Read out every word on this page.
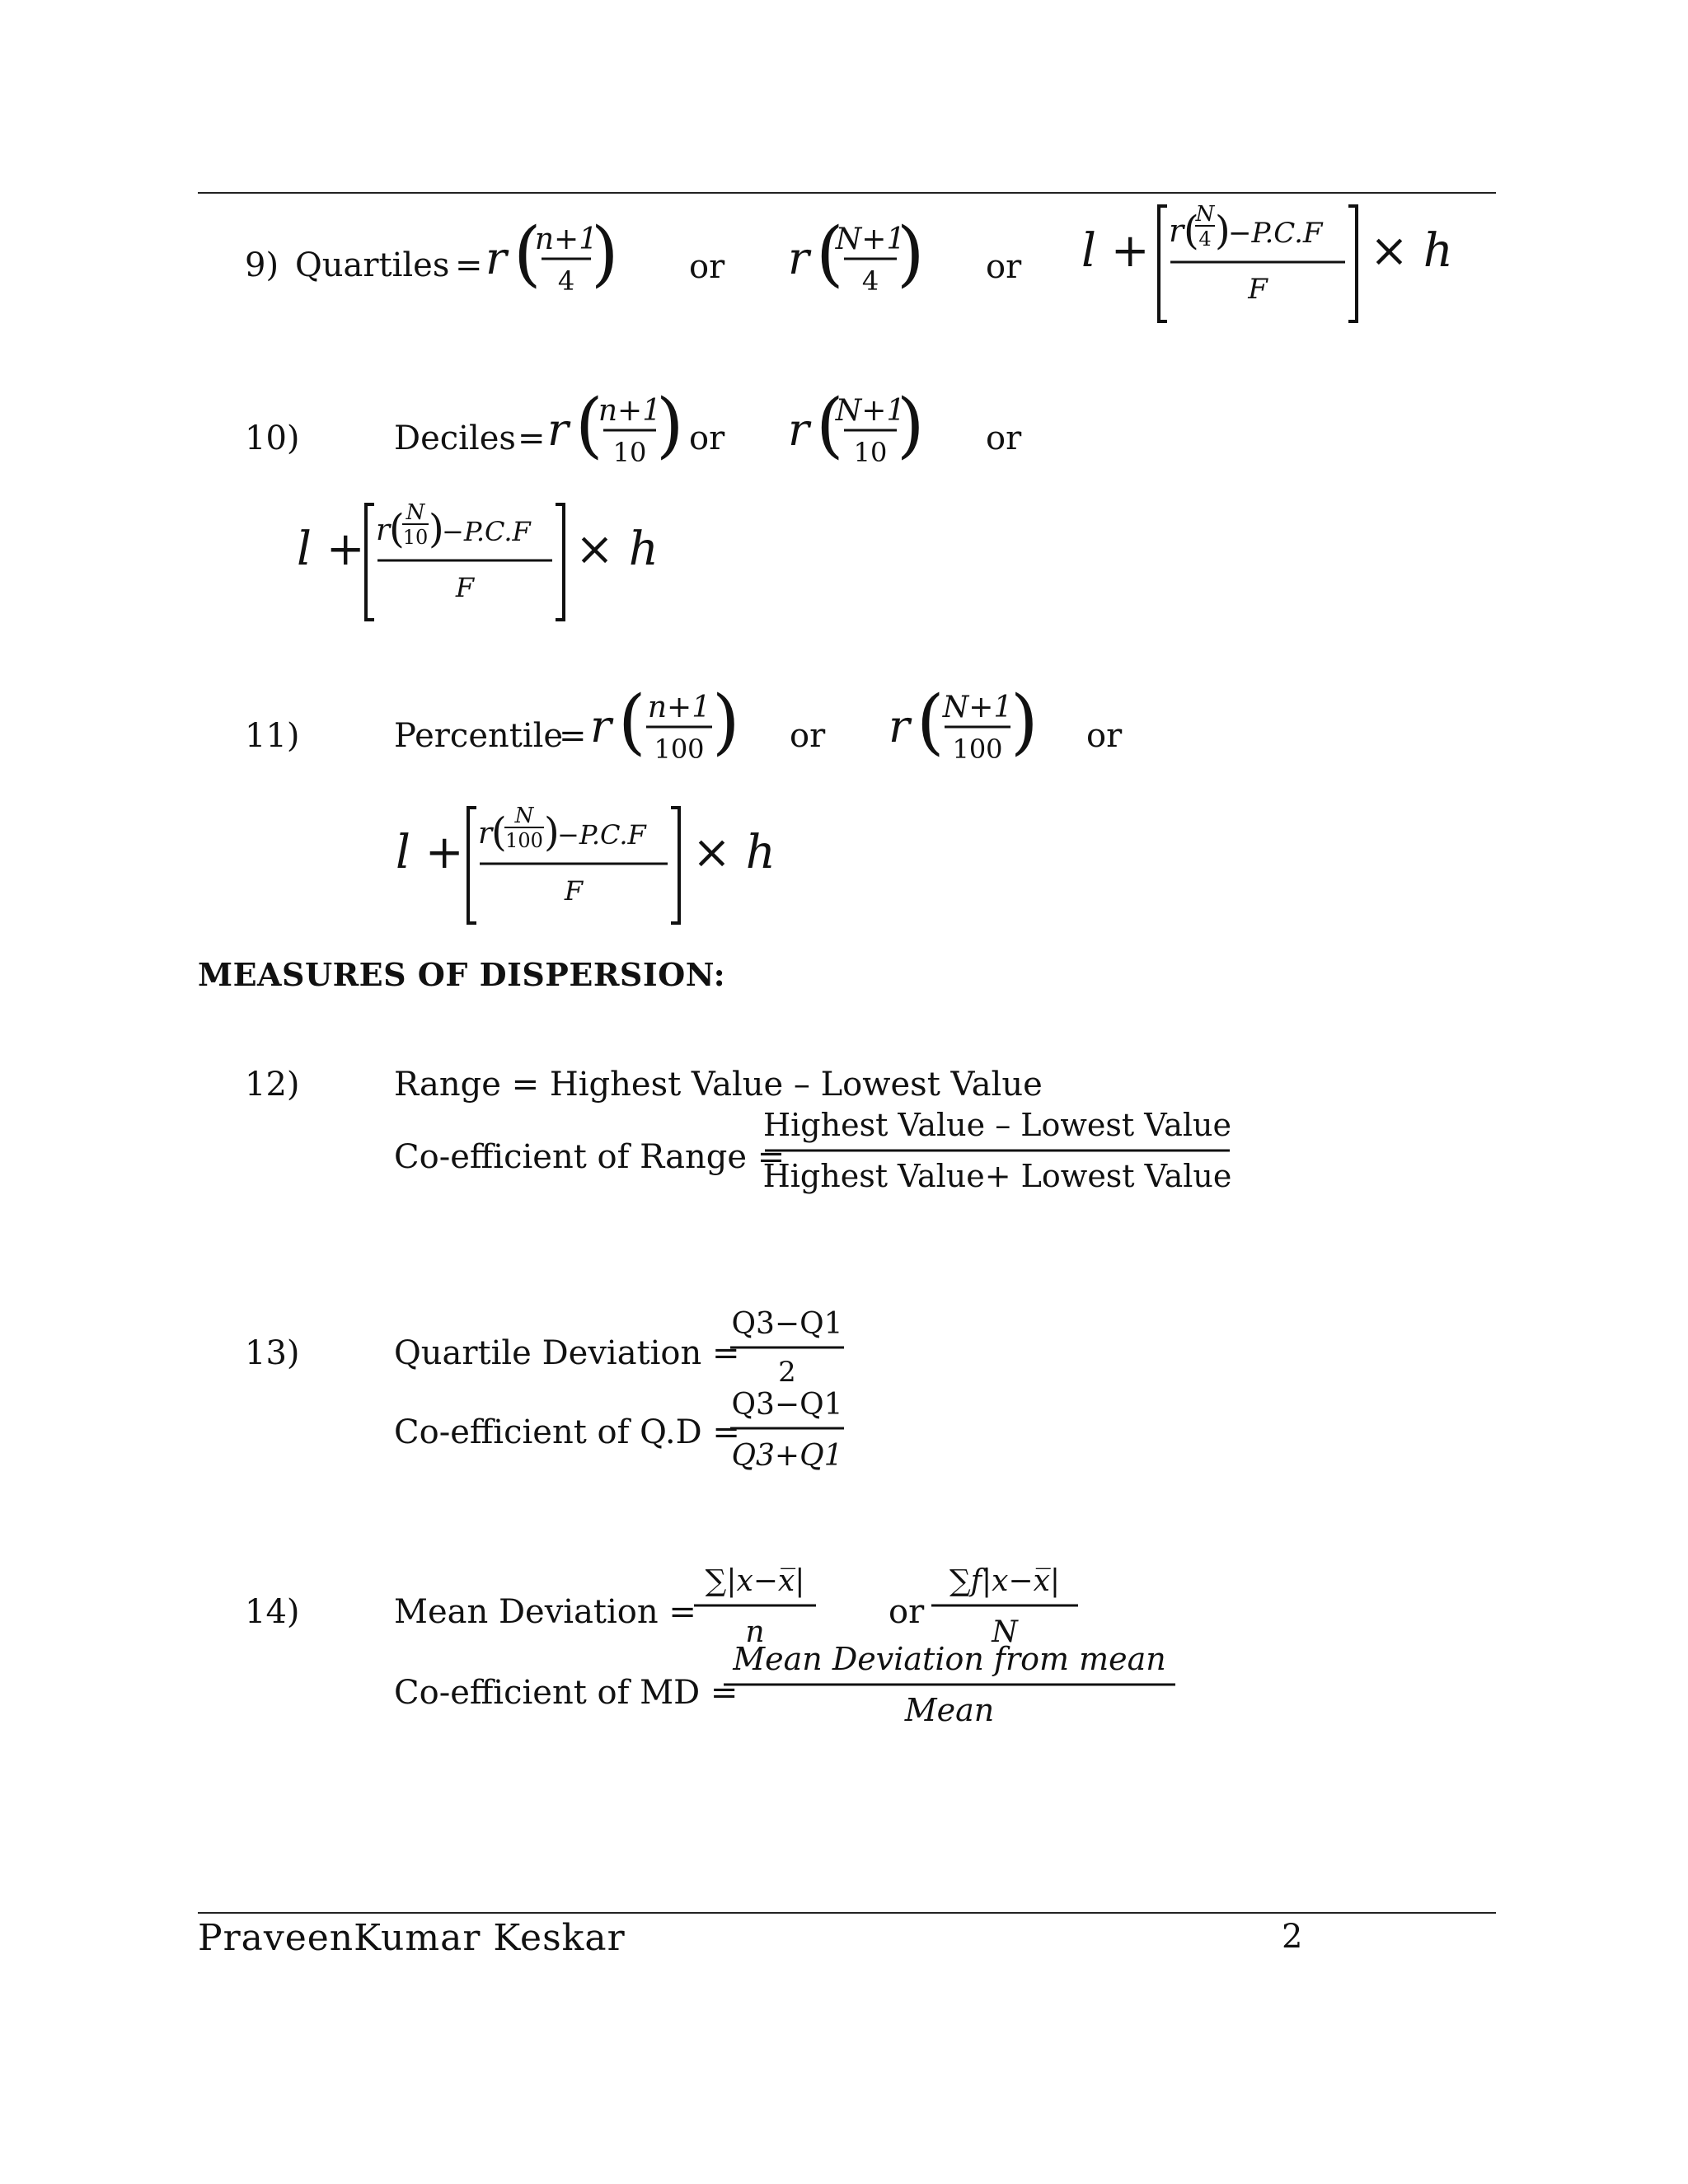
9) Quartiles = r (
n+1
4 ) or r (
N+1
4 ) or l + r (
N
4 )
−P.C.F
F
× h
10)	Deciles = r (
n+1
10 ) or r (
N+1
10 ) or
l + r
( N
10 )
−P.C.F
F
× h
11)	Percentile
= r ( n+1
100 ) or r (
N+1
100 ) or
l + r
( N
100 )
−P.C.F
F
× h
MEASURES OF DISPERSION:
12)	Range = Highest Value – Lowest Value
Co-efficient of Range =
Highest Value – Lowest Value
Highest Value+ Lowest Value
13)	Quartile Deviation =
Q3−Q1
2
Co-efficient of Q.D =
Q3−Q1
Q3+Q1
14)	Mean Deviation =
∑|x−x̅|
n
or
∑f|x−x̅|
N
Co-efficient of MD =
Mean Deviation from mean
Mean
PraveenKumar Keskar	2
